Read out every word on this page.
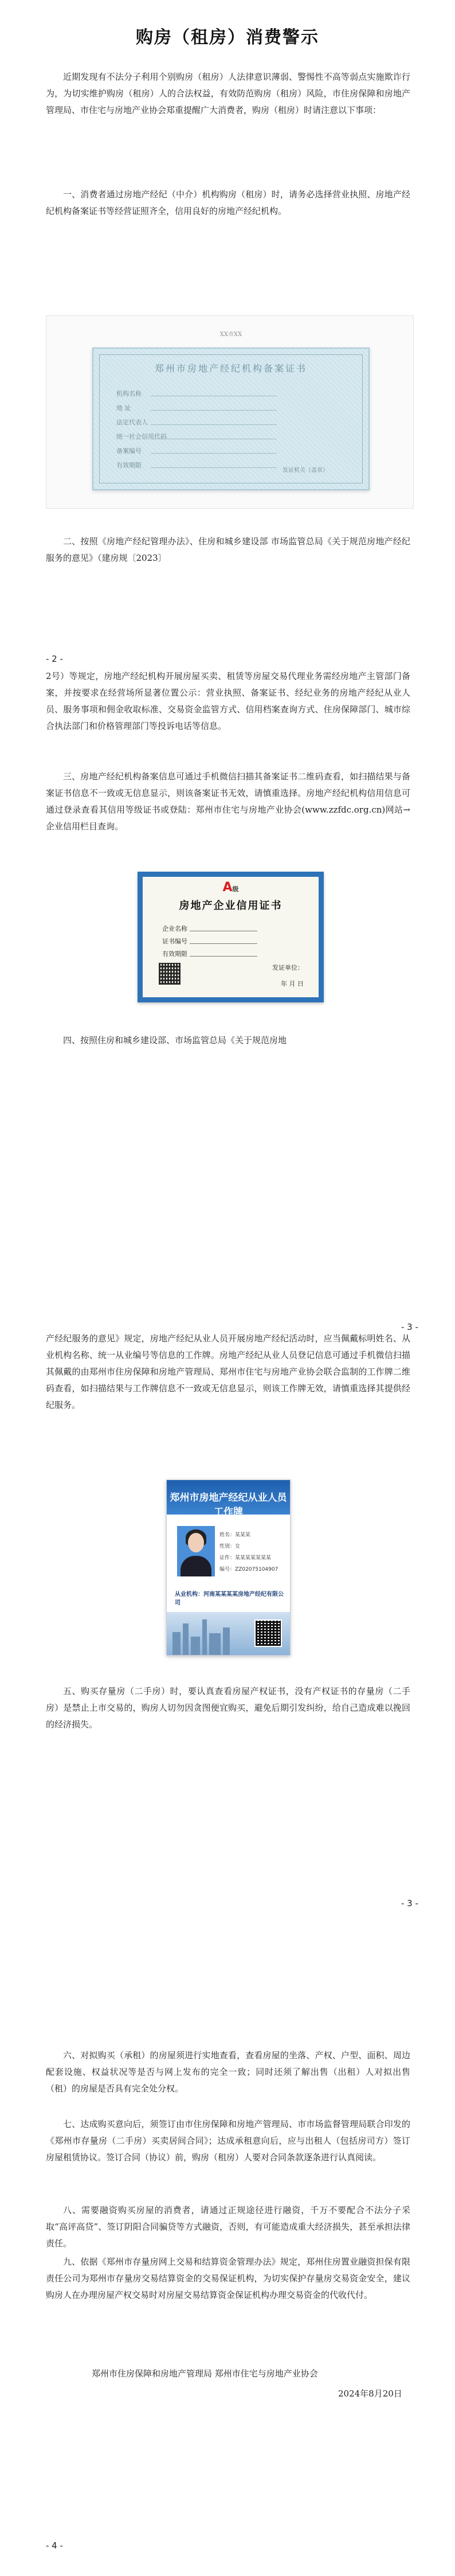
购房（租房）消费警示

近期发现有不法分子利用个别购房（租房）人法律意识薄弱、警惕性不高等弱点实施欺诈行为，为切实维护购房（租房）人的合法权益，有效防范购房（租房）风险，市住房保障和房地产管理局、市住宅与房地产业协会郑重提醒广大消费者，购房（租房）时请注意以下事项：

一、消费者通过房地产经纪（中介）机构购房（租房）时，请务必选择营业执照、房地产经纪机构备案证书等经营证照齐全，信用良好的房地产经纪机构。

XX市XX
郑州市房地产经纪机构备案证书
机构名称
地 址
法定代表人
统一社会信用代码
备案编号
有效期限
发证机关（盖章）

二、按照《房地产经纪管理办法》、住房和城乡建设部 市场监管总局《关于规范房地产经纪服务的意见》（建房规〔2023〕

- 2 -

2号）等规定，房地产经纪机构开展房屋买卖、租赁等房屋交易代理业务需经房地产主管部门备案，并按要求在经营场所显著位置公示：营业执照、备案证书、经纪业务的房地产经纪从业人员、服务事项和佣金收取标准、交易资金监管方式、信用档案查询方式、住房保障部门、城市综合执法部门和价格管理部门等投诉电话等信息。

三、房地产经纪机构备案信息可通过手机微信扫描其备案证书二维码查看，如扫描结果与备案证书信息不一致或无信息显示，则该备案证书无效，请慎重选择。房地产经纪机构信用信息可通过登录查看其信用等级证书或登陆：郑州市住宅与房地产业协会(www.zzfdc.org.cn)网站→企业信用栏目查询。

A级
房地产企业信用证书
企业名称
证书编号
有效期限
发证单位：
年 月 日

四、按照住房和城乡建设部、市场监管总局《关于规范房地

- 3 -

产经纪服务的意见》规定，房地产经纪从业人员开展房地产经纪活动时，应当佩戴标明姓名、从业机构名称、统一从业编号等信息的工作牌。房地产经纪从业人员登记信息可通过手机微信扫描其佩戴的由郑州市住房保障和房地产管理局、郑州市住宅与房地产业协会联合监制的工作牌二维码查看，如扫描结果与工作牌信息不一致或无信息显示，则该工作牌无效，请慎重选择其提供经纪服务。

郑州市房地产经纪从业人员工作牌
姓名：某某某
性别：女
证件：某某某某某某某
编号：ZZ02075104907
从业机构：河南某某某某房地产经纪有限公司

五、购买存量房（二手房）时，要认真查看房屋产权证书，没有产权证书的存量房（二手房）是禁止上市交易的，购房人切勿因贪图便宜购买，避免后期引发纠纷，给自己造成难以挽回的经济损失。

- 3 -

六、对拟购买（承租）的房屋须进行实地查看，查看房屋的坐落、产权、户型、面积、周边配套设施、权益状况等是否与网上发布的完全一致；同时还须了解出售（出租）人对拟出售（租）的房屋是否具有完全处分权。

七、达成购买意向后，须签订由市住房保障和房地产管理局、市市场监督管理局联合印发的《郑州市存量房（二手房）买卖居间合同》；达成承租意向后，应与出租人（包括房司方）签订房屋租赁协议。签订合同（协议）前，购房（租房）人要对合同条款逐条进行认真阅读。

八、需要融资购买房屋的消费者，请通过正规途径进行融资，千万不要配合不法分子采取“高评高贷”、签订阴阳合同骗贷等方式融资，否则，有可能造成重大经济损失，甚至承担法律责任。

九、依据《郑州市存量房网上交易和结算资金管理办法》规定，郑州住房置业融资担保有限责任公司为郑州市存量房交易结算资金的交易保证机构，为切实保护存量房交易资金安全，建议购房人在办理房屋产权交易时对房屋交易结算资金保证机构办理交易资金的代收代付。

郑州市住房保障和房地产管理局 郑州市住宅与房地产业协会
2024年8月20日
- 4 -
